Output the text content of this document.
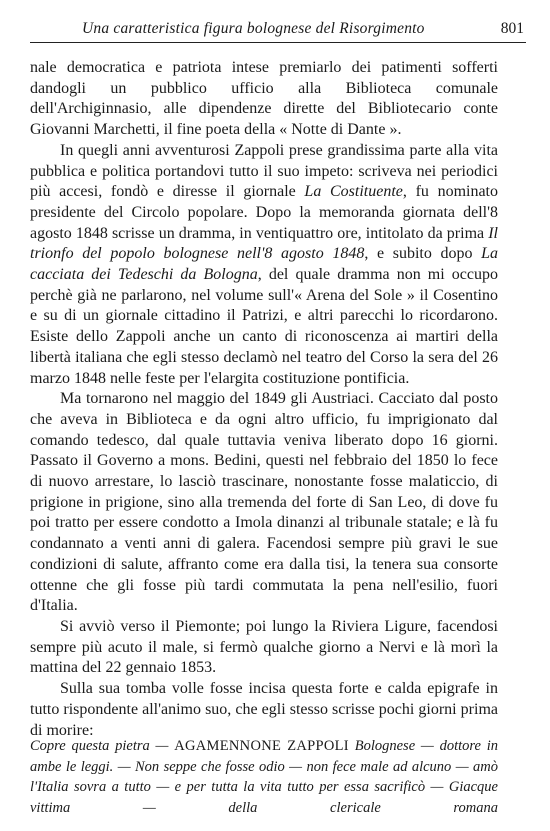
Una caratteristica figura bolognese del Risorgimento	801

nale democratica e patriota intese premiarlo dei patimenti sofferti dandogli un pubblico ufficio alla Biblioteca comunale dell'Archiginnasio, alle dipendenze dirette del Bibliotecario conte Giovanni Marchetti, il fine poeta della « Notte di Dante ».

In quegli anni avventurosi Zappoli prese grandissima parte alla vita pubblica e politica portandovi tutto il suo impeto: scriveva nei periodici più accesi, fondò e diresse il giornale La Costituente, fu nominato presidente del Circolo popolare. Dopo la memoranda giornata dell'8 agosto 1848 scrisse un dramma, in ventiquattro ore, intitolato da prima Il trionfo del popolo bolognese nell'8 agosto 1848, e subito dopo La cacciata dei Tedeschi da Bologna, del quale dramma non mi occupo perchè già ne parlarono, nel volume sull'« Arena del Sole » il Cosentino e su di un giornale cittadino il Patrizi, e altri parecchi lo ricordarono. Esiste dello Zappoli anche un canto di riconoscenza ai martiri della libertà italiana che egli stesso declamò nel teatro del Corso la sera del 26 marzo 1848 nelle feste per l'elargita costituzione pontificia.

Ma tornarono nel maggio del 1849 gli Austriaci. Cacciato dal posto che aveva in Biblioteca e da ogni altro ufficio, fu imprigionato dal comando tedesco, dal quale tuttavia veniva liberato dopo 16 giorni. Passato il Governo a mons. Bedini, questi nel febbraio del 1850 lo fece di nuovo arrestare, lo lasciò trascinare, nonostante fosse malaticcio, di prigione in prigione, sino alla tremenda del forte di San Leo, di dove fu poi tratto per essere condotto a Imola dinanzi al tribunale statale; e là fu condannato a venti anni di galera. Facendosi sempre più gravi le sue condizioni di salute, affranto come era dalla tisi, la tenera sua consorte ottenne che gli fosse più tardi commutata la pena nell'esilio, fuori d'Italia.

Si avviò verso il Piemonte; poi lungo la Riviera Ligure, facendosi sempre più acuto il male, si fermò qualche giorno a Nervi e là morì la mattina del 22 gennaio 1853.

Sulla sua tomba volle fosse incisa questa forte e calda epigrafe in tutto rispondente all'animo suo, che egli stesso scrisse pochi giorni prima di morire:

Copre questa pietra — AGAMENNONE ZAPPOLI Bolognese — dottore in ambe le leggi. — Non seppe che fosse odio — non fece male ad alcuno — amò l'Italia sovra a tutto — e per tutta la vita tutto per essa sacrificò — Giacque vittima — della clericale romana
